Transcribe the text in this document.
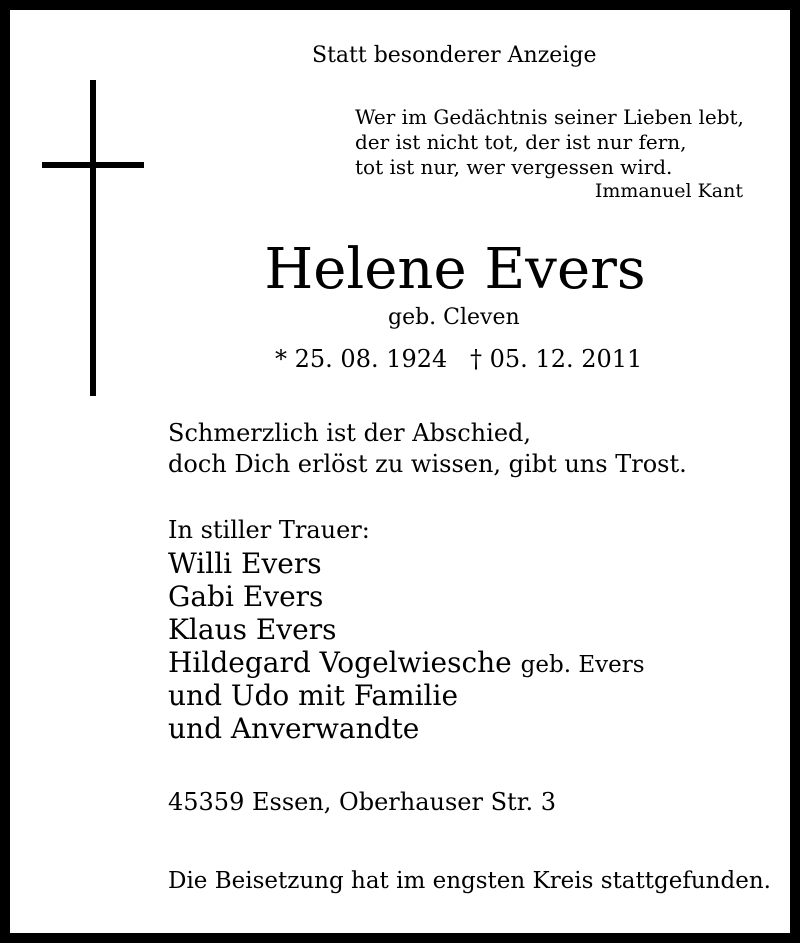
Statt besonderer Anzeige
Wer im Gedächtnis seiner Lieben lebt,
der ist nicht tot, der ist nur fern,
tot ist nur, wer vergessen wird.
Immanuel Kant
Helene Evers
geb. Cleven
* 25. 08. 1924 † 05. 12. 2011
Schmerzlich ist der Abschied,
doch Dich erlöst zu wissen, gibt uns Trost.
In stiller Trauer:
Willi Evers
Gabi Evers
Klaus Evers
Hildegard Vogelwiesche geb. Evers
und Udo mit Familie
und Anverwandte
45359 Essen, Oberhauser Str. 3
Die Beisetzung hat im engsten Kreis stattgefunden.
